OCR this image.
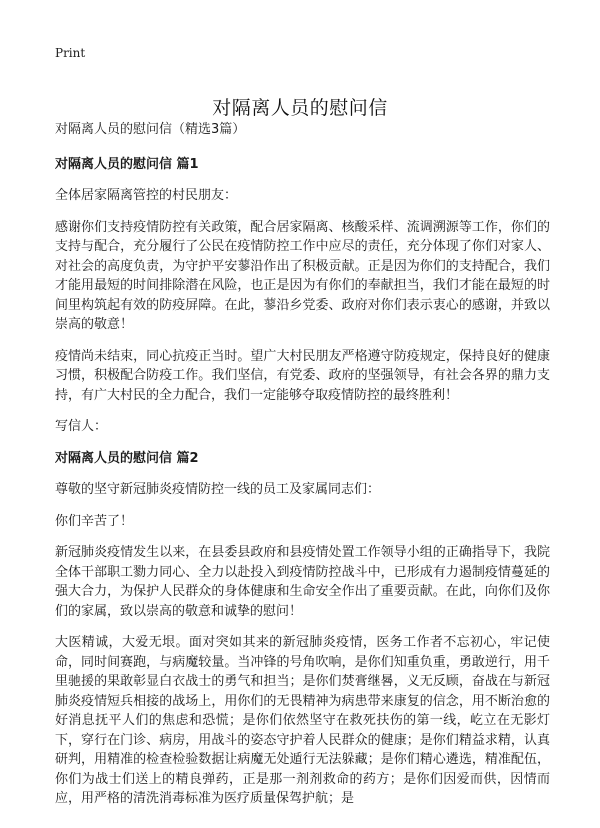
Print
对隔离人员的慰问信

对隔离人员的慰问信（精选3篇）

对隔离人员的慰问信 篇1

全体居家隔离管控的村民朋友：

感谢你们支持疫情防控有关政策，配合居家隔离、核酸采样、流调溯源等工作，你们的支持与配合，充分履行了公民在疫情防控工作中应尽的责任，充分体现了你们对家人、对社会的高度负责，为守护平安蓼沿作出了积极贡献。正是因为你们的支持配合，我们才能用最短的时间排除潜在风险，也正是因为有你们的奉献担当，我们才能在最短的时间里构筑起有效的防疫屏障。在此，蓼沿乡党委、政府对你们表示衷心的感谢，并致以崇高的敬意！

疫情尚未结束，同心抗疫正当时。望广大村民朋友严格遵守防疫规定，保持良好的健康习惯，积极配合防疫工作。我们坚信，有党委、政府的坚强领导，有社会各界的鼎力支持，有广大村民的全力配合，我们一定能够夺取疫情防控的最终胜利！

写信人：

对隔离人员的慰问信 篇2

尊敬的坚守新冠肺炎疫情防控一线的员工及家属同志们：

你们辛苦了！

新冠肺炎疫情发生以来，在县委县政府和县疫情处置工作领导小组的正确指导下，我院全体干部职工勠力同心、全力以赴投入到疫情防控战斗中，已形成有力遏制疫情蔓延的强大合力，为保护人民群众的身体健康和生命安全作出了重要贡献。在此，向你们及你们的家属，致以崇高的敬意和诚挚的慰问！

大医精诚，大爱无垠。面对突如其来的新冠肺炎疫情，医务工作者不忘初心，牢记使命，同时间赛跑，与病魔较量。当冲锋的号角吹响，是你们知重负重，勇敢逆行，用千里驰援的果敢彰显白衣战士的勇气和担当；是你们焚膏继晷，义无反顾，奋战在与新冠肺炎疫情短兵相接的战场上，用你们的无畏精神为病患带来康复的信念，用不断治愈的好消息抚平人们的焦虑和恐慌；是你们依然坚守在救死扶伤的第一线，屹立在无影灯下，穿行在门诊、病房，用战斗的姿态守护着人民群众的健康；是你们精益求精，认真研判，用精准的检查检验数据让病魔无处遁行无法躲藏；是你们精心遴选，精准配伍，你们为战士们送上的精良弹药，正是那一剂剂救命的药方；是你们因爱而供，因情而应，用严格的清洗消毒标准为医疗质量保驾护航；是
